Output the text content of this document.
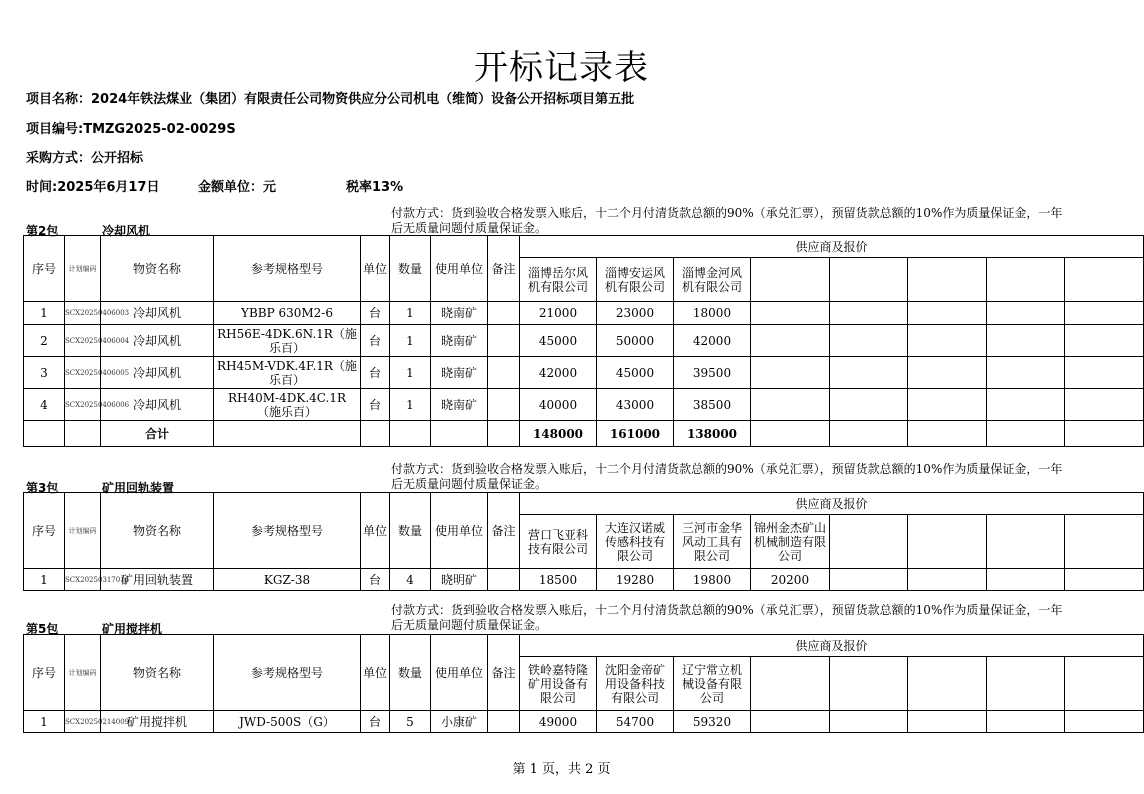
开标记录表
项目名称：2024年铁法煤业（集团）有限责任公司物资供应分公司机电（维简）设备公开招标项目第五批
项目编号:TMZG2025-02-0029S
采购方式：公开招标
时间:2025年6月17日	金额单位：元	税率13%
第2包	冷却风机
付款方式：货到验收合格发票入账后，十二个月付清货款总额的90%（承兑汇票），预留货款总额的10%作为质量保证金，一年后无质量问题付质量保证金。
序号	计划编码	物资名称	参考规格型号	单位	数量	使用单位	备注	供应商及报价							
								淄博岳尔风机有限公司	淄博安运风机有限公司	淄博金河风机有限公司					
1	SCX20250406003	冷却风机	YBBP 630M2-6	台	1	晓南矿		21000	23000	18000					
2	SCX20250406004	冷却风机	RH56E-4DK.6N.1R（施乐百）	台	1	晓南矿		45000	50000	42000					
3	SCX20250406005	冷却风机	RH45M-VDK.4F.1R（施乐百）	台	1	晓南矿		42000	45000	39500					
4	SCX20250406006	冷却风机	RH40M-4DK.4C.1R（施乐百）	台	1	晓南矿		40000	43000	38500					
		合计						148000	161000	138000					
第3包	矿用回轨装置
付款方式：货到验收合格发票入账后，十二个月付清货款总额的90%（承兑汇票），预留货款总额的10%作为质量保证金，一年后无质量问题付质量保证金。
序号	计划编码	物资名称	参考规格型号	单位	数量	使用单位	备注	供应商及报价							
								营口飞亚科技有限公司	大连汉诺威传感科技有限公司	三河市金华风动工具有限公司	锦州金杰矿山机械制造有限公司				
1	SCX20250317016	矿用回轨装置	KGZ-38	台	4	晓明矿		18500	19280	19800	20200				
第5包	矿用搅拌机
付款方式：货到验收合格发票入账后，十二个月付清货款总额的90%（承兑汇票），预留货款总额的10%作为质量保证金，一年后无质量问题付质量保证金。
序号	计划编码	物资名称	参考规格型号	单位	数量	使用单位	备注	供应商及报价							
								铁岭嘉特隆矿用设备有限公司	沈阳金帝矿用设备科技有限公司	辽宁常立机械设备有限公司					
1	SCX20250214009	矿用搅拌机	JWD-500S（G）	台	5	小康矿		49000	54700	59320					
第 1 页，共 2 页
